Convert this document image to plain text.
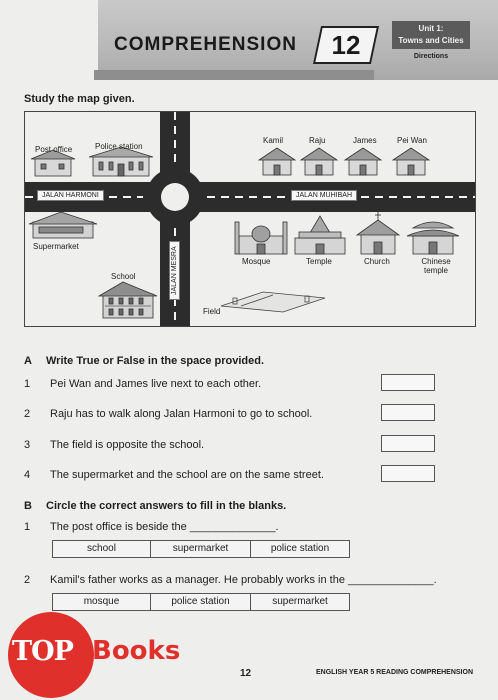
COMPREHENSION	12
Unit 1:
Towns and Cities
Directions
Study the map given.
Post office	Police station
Kamil	Raju	James	Pei Wan
Supermarket
School
Mosque	Temple	Church	Chinese temple
Field
JALAN HARMONI	JALAN MUHIBAH
JALAN MESRA
A Write True or False in the space provided.
1 Pei Wan and James live next to each other.
2 Raju has to walk along Jalan Harmoni to go to school.
3 The field is opposite the school.
4 The supermarket and the school are on the same street.
B Circle the correct answers to fill in the blanks.
1 The post office is beside the ______________.
school	supermarket	police station
2 Kamil's father works as a manager. He probably works in the ______________.
mosque	police station	supermarket
TOP Books
12	ENGLISH YEAR 5 READING COMPREHENSION
